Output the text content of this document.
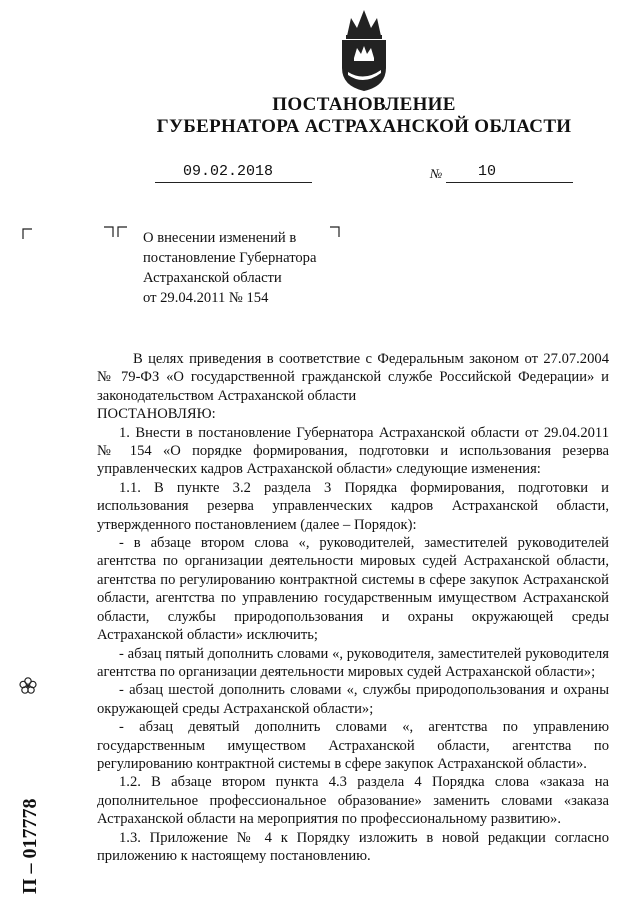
ПОСТАНОВЛЕНИЕ
ГУБЕРНАТОРА АСТРАХАНСКОЙ ОБЛАСТИ
09.02.2018	№ 10
О внесении изменений в
постановление Губернатора
Астраханской области
от 29.04.2011 № 154

В целях приведения в соответствие с Федеральным законом от 27.07.2004 № 79-ФЗ «О государственной гражданской службе Российской Федерации» и законодательством Астраханской области

ПОСТАНОВЛЯЮ:

1. Внести в постановление Губернатора Астраханской области от 29.04.2011 № 154 «О порядке формирования, подготовки и использования резерва управленческих кадров Астраханской области» следующие изменения:

1.1. В пункте 3.2 раздела 3 Порядка формирования, подготовки и использования резерва управленческих кадров Астраханской области, утвержденного постановлением (далее – Порядок):

- в абзаце втором слова «, руководителей, заместителей руководителей агентства по организации деятельности мировых судей Астраханской области, агентства по регулированию контрактной системы в сфере закупок Астраханской области, агентства по управлению государственным имуществом Астраханской области, службы природопользования и охраны окружающей среды Астраханской области» исключить;

- абзац пятый дополнить словами «, руководителя, заместителей руководителя агентства по организации деятельности мировых судей Астраханской области»;

- абзац шестой дополнить словами «, службы природопользования и охраны окружающей среды Астраханской области»;

- абзац девятый дополнить словами «, агентства по управлению государственным имуществом Астраханской области, агентства по регулированию контрактной системы в сфере закупок Астраханской области».

1.2. В абзаце втором пункта 4.3 раздела 4 Порядка слова «заказа на дополнительное профессиональное образование» заменить словами «заказа Астраханской области на мероприятия по профессиональному развитию».

1.3. Приложение № 4 к Порядку изложить в новой редакции согласно приложению к настоящему постановлению.

П – 017778
